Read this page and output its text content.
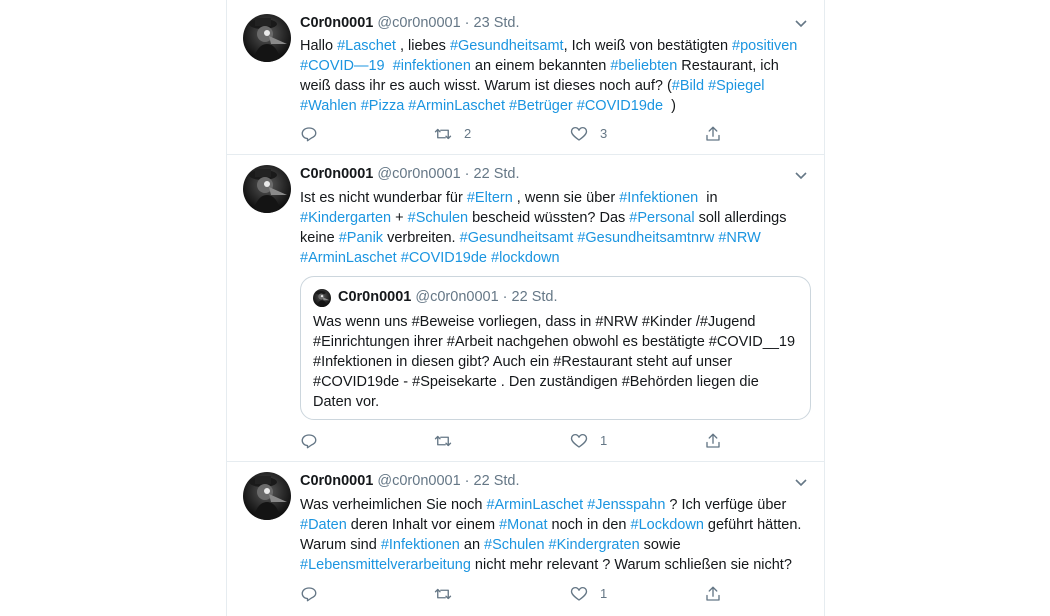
C0r0n0001 @c0r0n0001 · 23 Std.
Hallo #Laschet , liebes #Gesundheitsamt, Ich weiß von bestätigten #positiven
#COVID—19 #infektionen an einem bekannten #beliebten Restaurant, ich
weiß dass ihr es auch wisst. Warum ist dieses noch auf? (#Bild #Spiegel
#Wahlen #Pizza #ArminLaschet #Betrüger #COVID19de  )
2	3
C0r0n0001 @c0r0n0001 · 22 Std.
Ist es nicht wunderbar für #Eltern , wenn sie über #Infektionen  in
#Kindergarten + #Schulen bescheid wüssten? Das #Personal soll allerdings
keine #Panik verbreiten. #Gesundheitsamt #Gesundheitsamtnrw #NRW
#ArminLaschet #COVID19de #lockdown
C0r0n0001 @c0r0n0001 · 22 Std.
Was wenn uns #Beweise vorliegen, dass in #NRW #Kinder /#Jugend
#Einrichtungen ihrer #Arbeit nachgehen obwohl es bestätigte #COVID__19
#Infektionen in diesen gibt? Auch ein #Restaurant steht auf unser
#COVID19de - #Speisekarte . Den zuständigen #Behörden liegen die
Daten vor.
1
C0r0n0001 @c0r0n0001 · 22 Std.
Was verheimlichen Sie noch #ArminLaschet #Jensspahn ? Ich verfüge über
#Daten deren Inhalt vor einem #Monat noch in den #Lockdown geführt hätten.
Warum sind #Infektionen an #Schulen #Kindergraten sowie
#Lebensmittelverarbeitung nicht mehr relevant ? Warum schließen sie nicht?
1
